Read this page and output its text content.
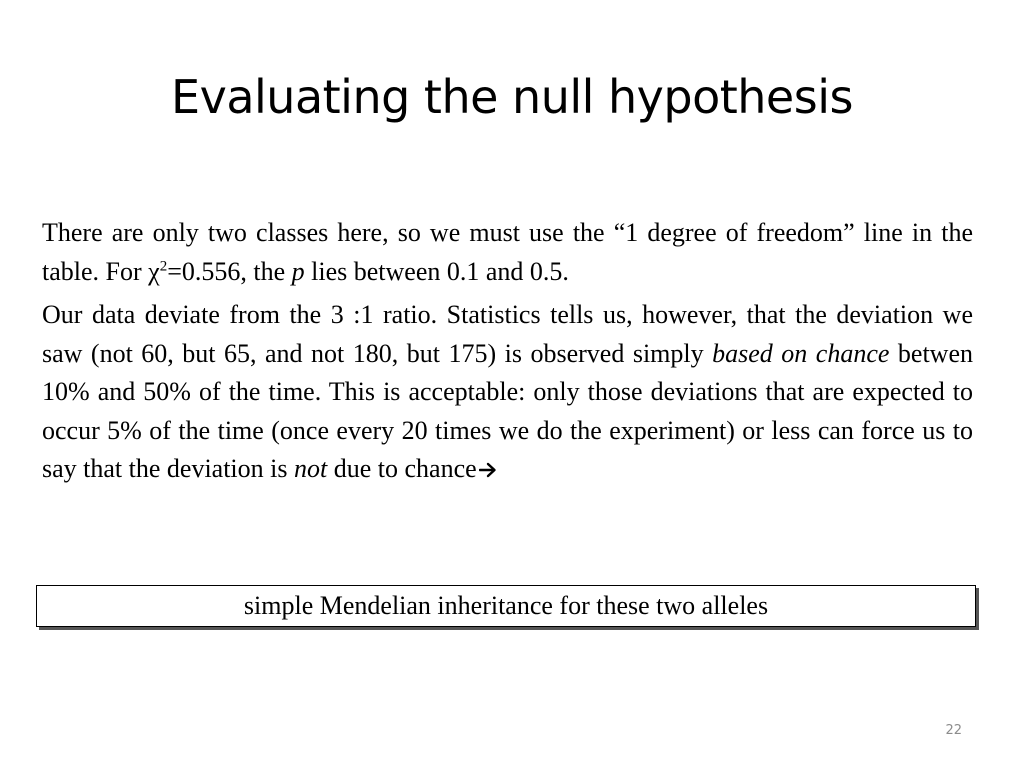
Evaluating the null hypothesis

There are only two classes here, so we must use the “1 degree of freedom” line in the table. For $\chi^2=0.556$, the p lies between 0.1 and 0.5.

Our data deviate from the 3 :1 ratio. Statistics tells us, however, that the deviation we saw (not 60, but 65, and not 180, but 175) is observed simply based on chance betwen 10% and 50% of the time. This is acceptable: only those deviations that are expected to occur 5% of the time (once every 20 times we do the experiment) or less can force us to say that the deviation is not due to chance

simple Mendelian inheritance for these two alleles
22
